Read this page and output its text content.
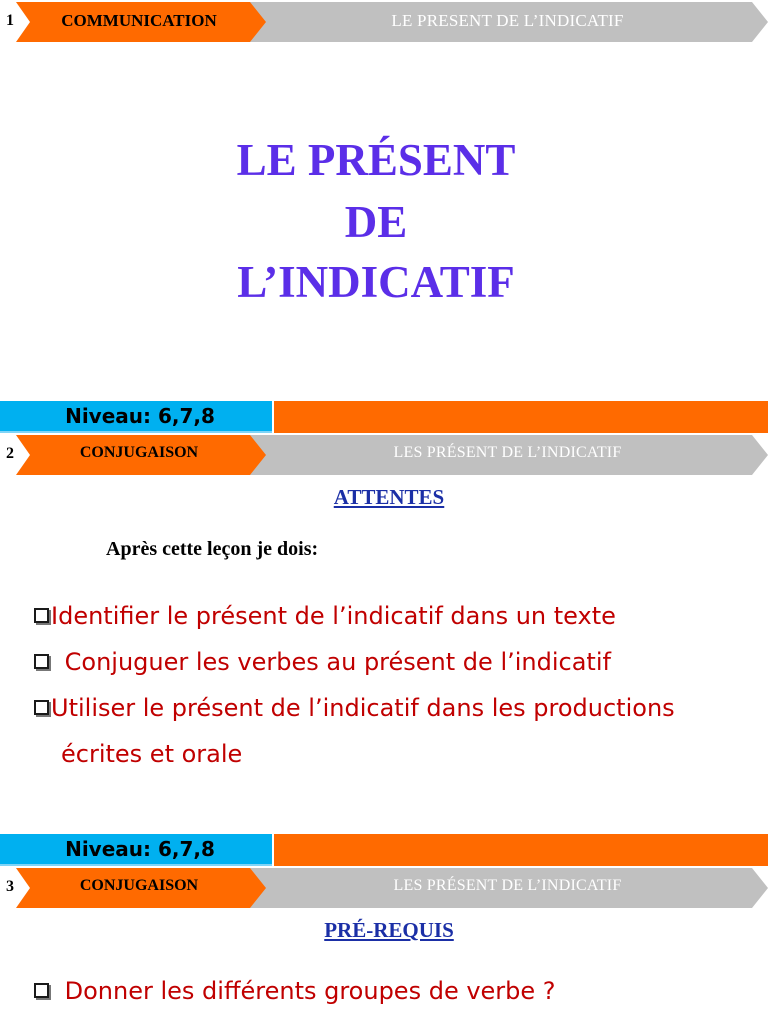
1	COMMUNICATION	LE PRESENT DE L’INDICATIF
LE PRÉSENT
DE
L’INDICATIF
Niveau: 6,7,8
2	CONJUGAISON	LES PRÉSENT DE L’INDICATIF
ATTENTES
Après cette leçon je dois:
Identifier le présent de l’indicatif dans un texte
Conjuguer les verbes au présent de l’indicatif
Utiliser le présent de l’indicatif dans les productions
écrites et orale
Niveau: 6,7,8
3	CONJUGAISON	LES PRÉSENT DE L’INDICATIF
PRÉ-REQUIS
Donner les différents groupes de verbe ?
